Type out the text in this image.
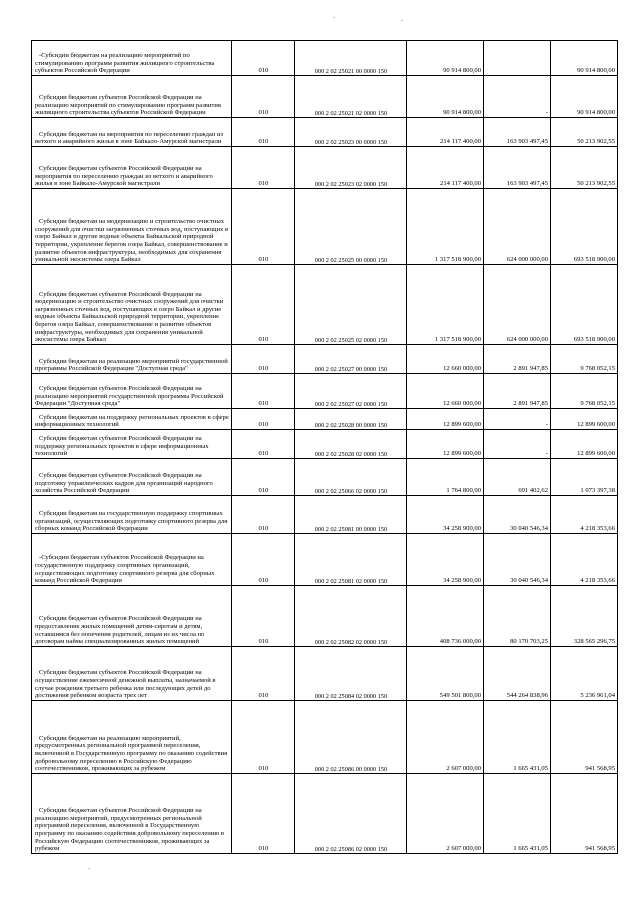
-Субсидии бюджетам на реализацию мероприятий по стимулированию программ развития жилищного строительства субъектов Российской Федерации	010	000 2 02 25021 00 0000 150	90 914 800,00		90 914 800,00
Субсидии бюджетам субъектов Российской Федерации на реализацию мероприятий по стимулированию программ развития жилищного строительства субъектов Российской Федерации	010	000 2 02 25021 02 0000 150	90 914 800,00	-	90 914 800,00
Субсидии бюджетам на мероприятия по переселению граждан из ветхого и аварийного жилья в зоне Байкало-Амурской магистрали	010	000 2 02 25023 00 0000 150	214 117 400,00	163 903 497,45	50 213 902,55
Субсидии бюджетам субъектов Российской Федерации на мероприятия по переселению граждан из ветхого и аварийного жилья в зоне Байкало-Амурской магистрали	010	000 2 02 25023 02 0000 150	214 117 400,00	163 903 497,45	50 213 902,55
Субсидии бюджетам на модернизацию и строительство очистных сооружений для очистки загрязненных сточных вод, поступающих в озеро Байкал и другие водные объекты Байкальской природной территории, укрепление берегов озера Байкал, совершенствование и развитие объектов инфраструктуры, необходимых для сохранения уникальной экосистемы озера Байкал	010	000 2 02 25025 00 0000 150	1 317 518 900,00	624 000 000,00	693 518 900,00
Субсидии бюджетам субъектов Российской Федерации на модернизацию и строительство очистных сооружений для очистки загрязненных сточных вод, поступающих в озеро Байкал и другие водные объекты Байкальской природной территории, укрепление берегов озера Байкал, совершенствование и развитие объектов инфраструктуры, необходимых для сохранения уникальной экосистемы озера Байкал	010	000 2 02 25025 02 0000 150	1 317 518 900,00	624 000 000,00	693 518 900,00
Субсидии бюджетам на реализацию мероприятий государственной программы Российской Федерации "Доступная среда"	010	000 2 02 25027 00 0000 150	12 660 000,00	2 891 947,85	9 768 052,15
Субсидии бюджетам субъектов Российской Федерации на реализацию мероприятий государственной программы Российской Федерации "Доступная среда"	010	000 2 02 25027 02 0000 150	12 660 000,00	2 891 947,85	9 768 052,15
Субсидии бюджетам на поддержку региональных проектов в сфере информационных технологий	010	000 2 02 25028 00 0000 150	12 899 600,00	-	12 899 600,00
Субсидии бюджетам субъектов Российской Федерации на поддержку региональных проектов в сфере информационных технологий	010	000 2 02 25028 02 0000 150	12 899 600,00	-	12 899 600,00
Субсидии бюджетам субъектов Российской Федерации на подготовку управленческих кадров для организаций народного хозяйства Российской Федерации	010	000 2 02 25066 02 0000 150	1 764 800,00	691 402,62	1 073 397,38
Субсидии бюджетам на государственную поддержку спортивных организаций, осуществляющих подготовку спортивного резерва для сборных команд Российской Федерации	010	000 2 02 25081 00 0000 150	34 258 900,00	30 040 546,34	4 218 353,66
-Субсидии бюджетам субъектов Российской Федерации на государственную поддержку спортивных организаций, осуществляющих подготовку спортивного резерва для сборных команд Российской Федерации	010	000 2 02 25081 02 0000 150	34 258 900,00	30 040 546,34	4 218 353,66
Субсидии бюджетам субъектов Российской Федерации на предоставление жилых помещений детям-сиротам и детям, оставшимся без попечения родителей, лицам из их числа по договорам найма специализированных жилых помещений	010	000 2 02 25082 02 0000 150	408 736 000,00	80 170 703,25	328 565 296,75
Субсидии бюджетам субъектов Российской Федерации на осуществление ежемесячной денежной выплаты, назначаемой в случае рождения третьего ребенка или последующих детей до достижения ребенком возраста трех лет	010	000 2 02 25084 02 0000 150	549 501 800,00	544 264 838,96	5 236 961,04
Субсидии бюджетам на реализацию мероприятий, предусмотренных региональной программой переселения, включенной в Государственную программу по оказанию содействия добровольному переселению в Российскую Федерацию соотечественников, проживающих за рубежом	010	000 2 02 25086 00 0000 150	2 607 000,00	1 665 431,05	941 568,95
Субсидии бюджетам субъектов Российской Федерации на реализацию мероприятий, предусмотренных региональной программой переселения, включенной в Государственную программу по оказанию содействия добровольному переселению в Российскую Федерацию соотечественников, проживающих за рубежом	010	000 2 02 25086 02 0000 150	2 607 000,00	1 665 431,05	941 568,95
